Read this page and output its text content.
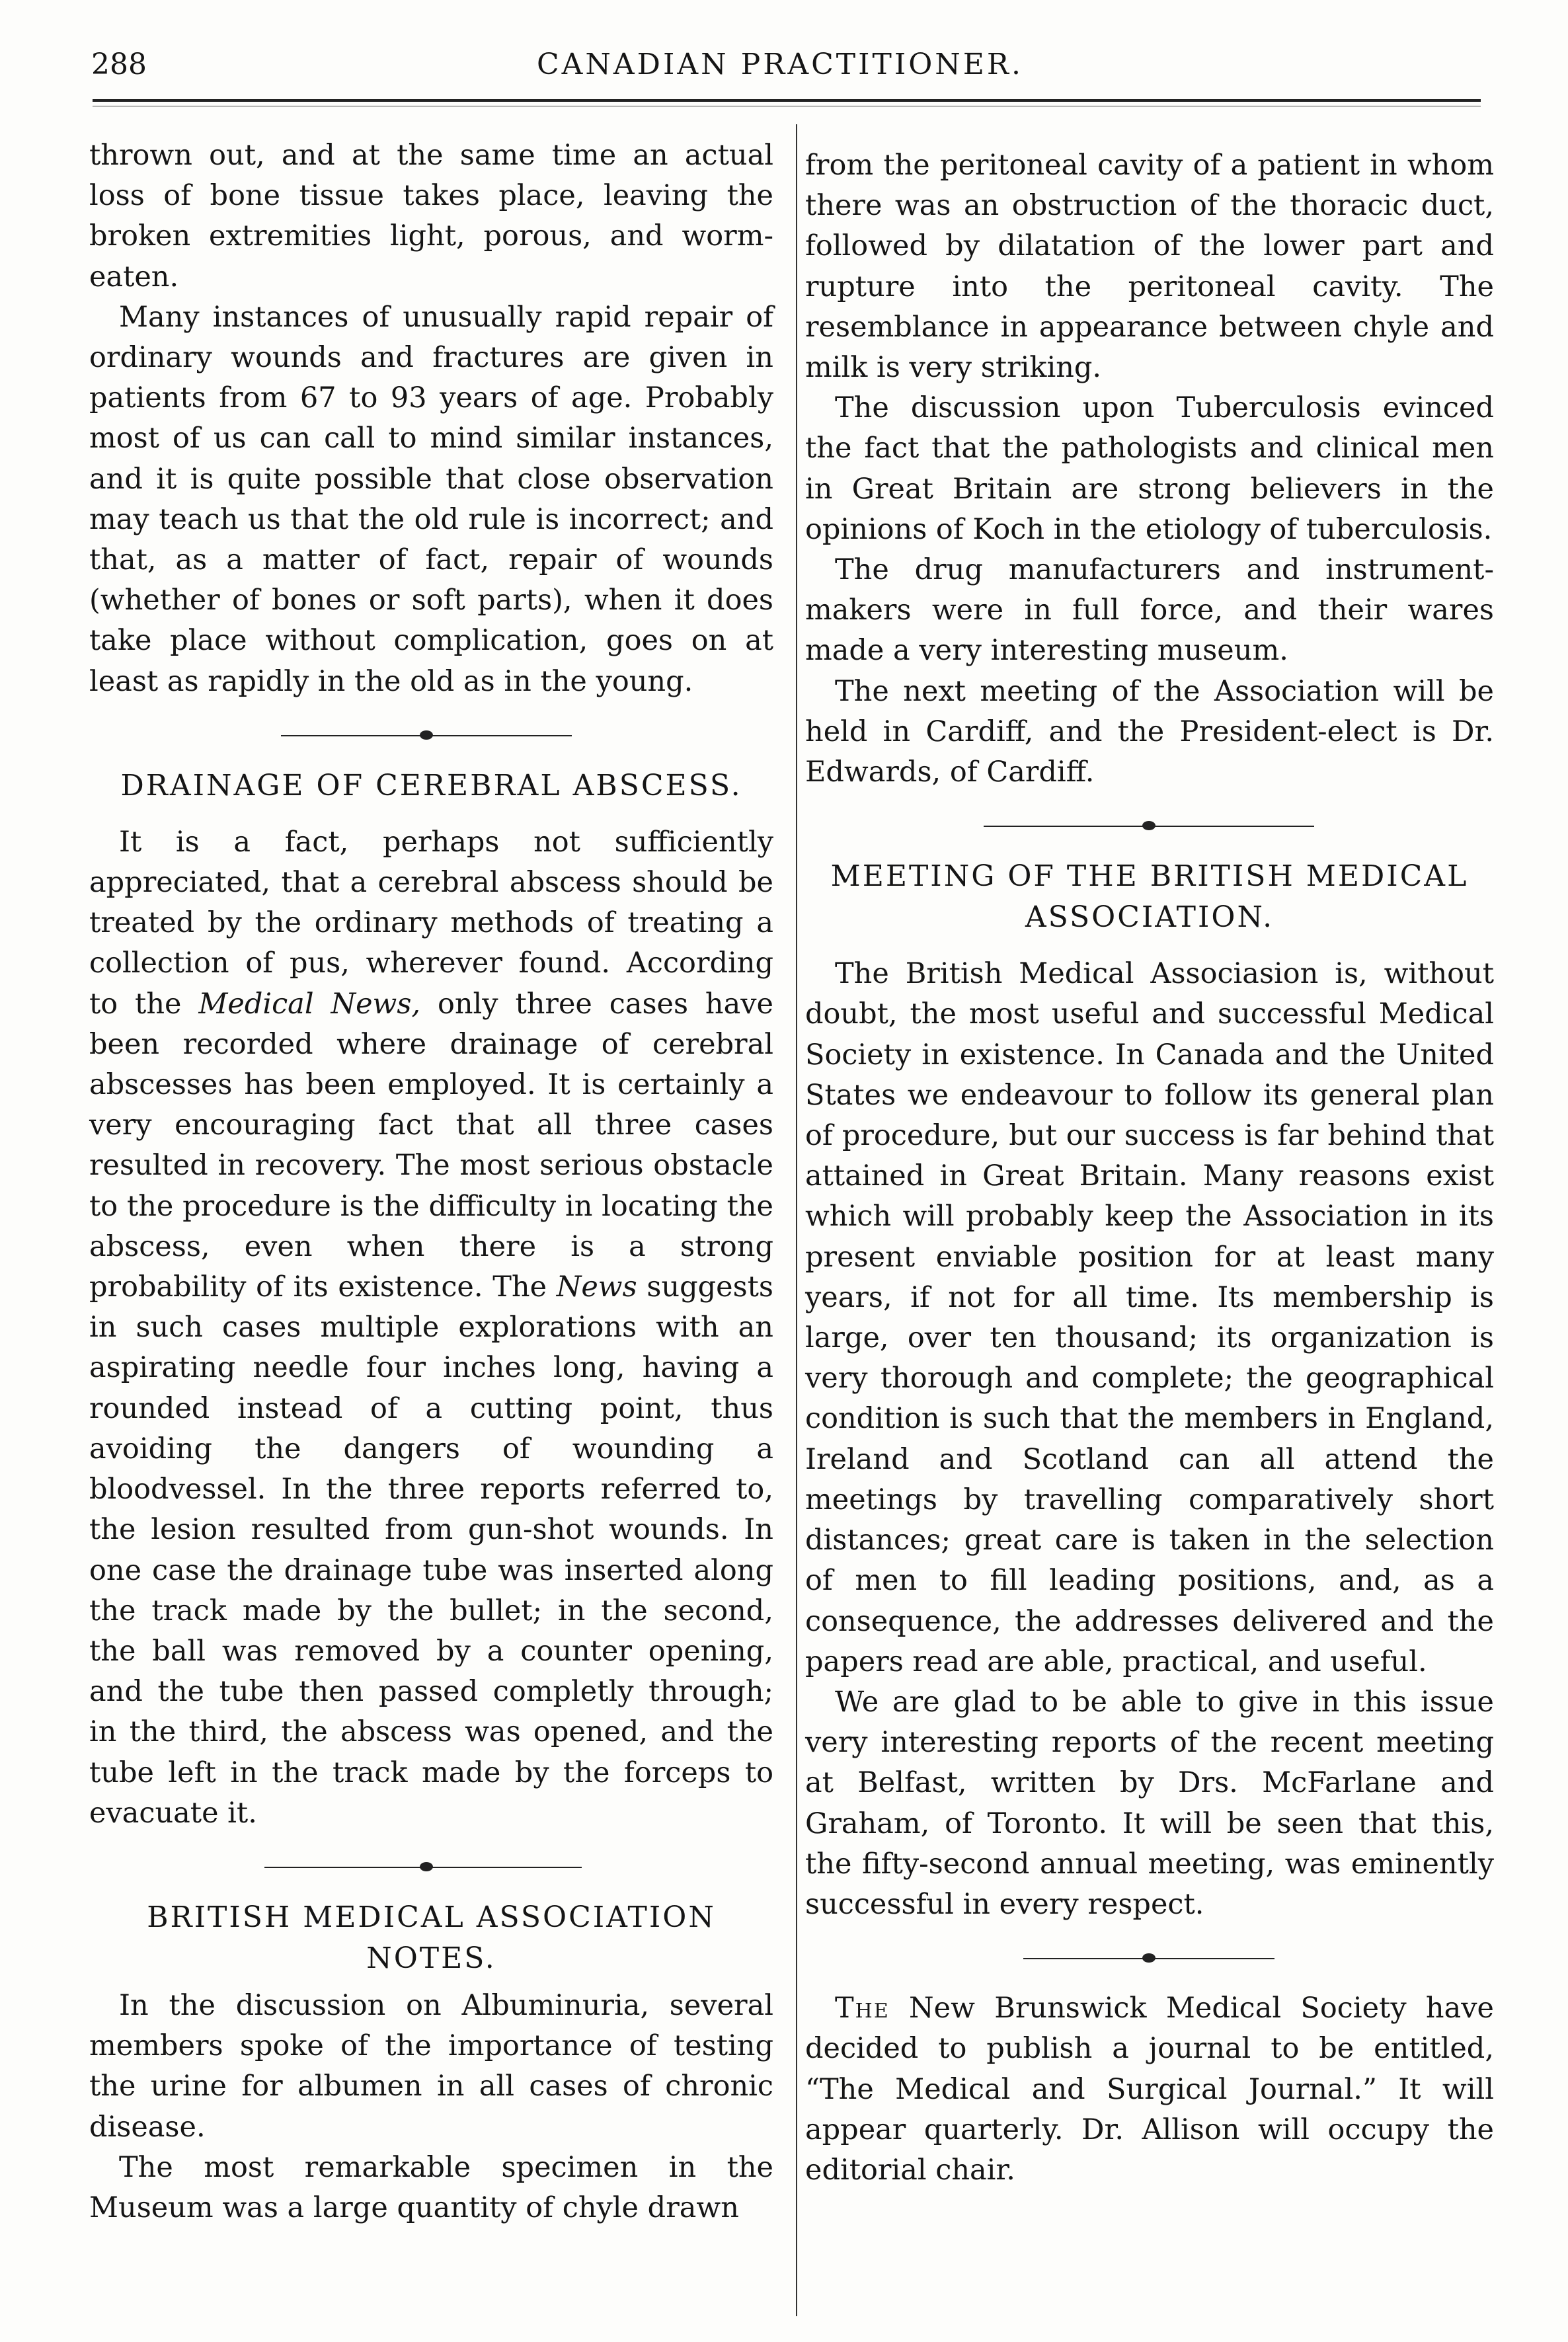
288	CANADIAN PRACTITIONER.

thrown out, and at the same time an actual loss of bone tissue takes place, leaving the broken extremities light, porous, and worm-eaten.

Many instances of unusually rapid repair of ordinary wounds and fractures are given in patients from 67 to 93 years of age. Probably most of us can call to mind similar instances, and it is quite possible that close observation may teach us that the old rule is incorrect; and that, as a matter of fact, repair of wounds (whether of bones or soft parts), when it does take place without complication, goes on at least as rapidly in the old as in the young.

DRAINAGE OF CEREBRAL ABSCESS.

It is a fact, perhaps not sufficiently appreciated, that a cerebral abscess should be treated by the ordinary methods of treating a collection of pus, wherever found. According to the Medical News, only three cases have been recorded where drainage of cerebral abscesses has been employed. It is certainly a very encouraging fact that all three cases resulted in recovery. The most serious obstacle to the procedure is the difficulty in locating the abscess, even when there is a strong probability of its existence. The News suggests in such cases multiple explorations with an aspirating needle four inches long, having a rounded instead of a cutting point, thus avoiding the dangers of wounding a bloodvessel. In the three reports referred to, the lesion resulted from gun-shot wounds. In one case the drainage tube was inserted along the track made by the bullet; in the second, the ball was removed by a counter opening, and the tube then passed completly through; in the third, the abscess was opened, and the tube left in the track made by the forceps to evacuate it.

BRITISH MEDICAL ASSOCIATION NOTES.

In the discussion on Albuminuria, several members spoke of the importance of testing the urine for albumen in all cases of chronic disease.

The most remarkable specimen in the Museum was a large quantity of chyle drawn

from the peritoneal cavity of a patient in whom there was an obstruction of the thoracic duct, followed by dilatation of the lower part and rupture into the peritoneal cavity. The resemblance in appearance between chyle and milk is very striking.

The discussion upon Tuberculosis evinced the fact that the pathologists and clinical men in Great Britain are strong believers in the opinions of Koch in the etiology of tuberculosis.

The drug manufacturers and instrument-makers were in full force, and their wares made a very interesting museum.

The next meeting of the Association will be held in Cardiff, and the President-elect is Dr. Edwards, of Cardiff.

MEETING OF THE BRITISH MEDICAL ASSOCIATION.

The British Medical Associasion is, without doubt, the most useful and successful Medical Society in existence. In Canada and the United States we endeavour to follow its general plan of procedure, but our success is far behind that attained in Great Britain. Many reasons exist which will probably keep the Association in its present enviable position for at least many years, if not for all time. Its membership is large, over ten thousand; its organization is very thorough and complete; the geographical condition is such that the members in England, Ireland and Scotland can all attend the meetings by travelling comparatively short distances; great care is taken in the selection of men to fill leading positions, and, as a consequence, the addresses delivered and the papers read are able, practical, and useful.

We are glad to be able to give in this issue very interesting reports of the recent meeting at Belfast, written by Drs. McFarlane and Graham, of Toronto. It will be seen that this, the fifty-second annual meeting, was eminently successful in every respect.

The New Brunswick Medical Society have decided to publish a journal to be entitled, “The Medical and Surgical Journal.” It will appear quarterly. Dr. Allison will occupy the editorial chair.
